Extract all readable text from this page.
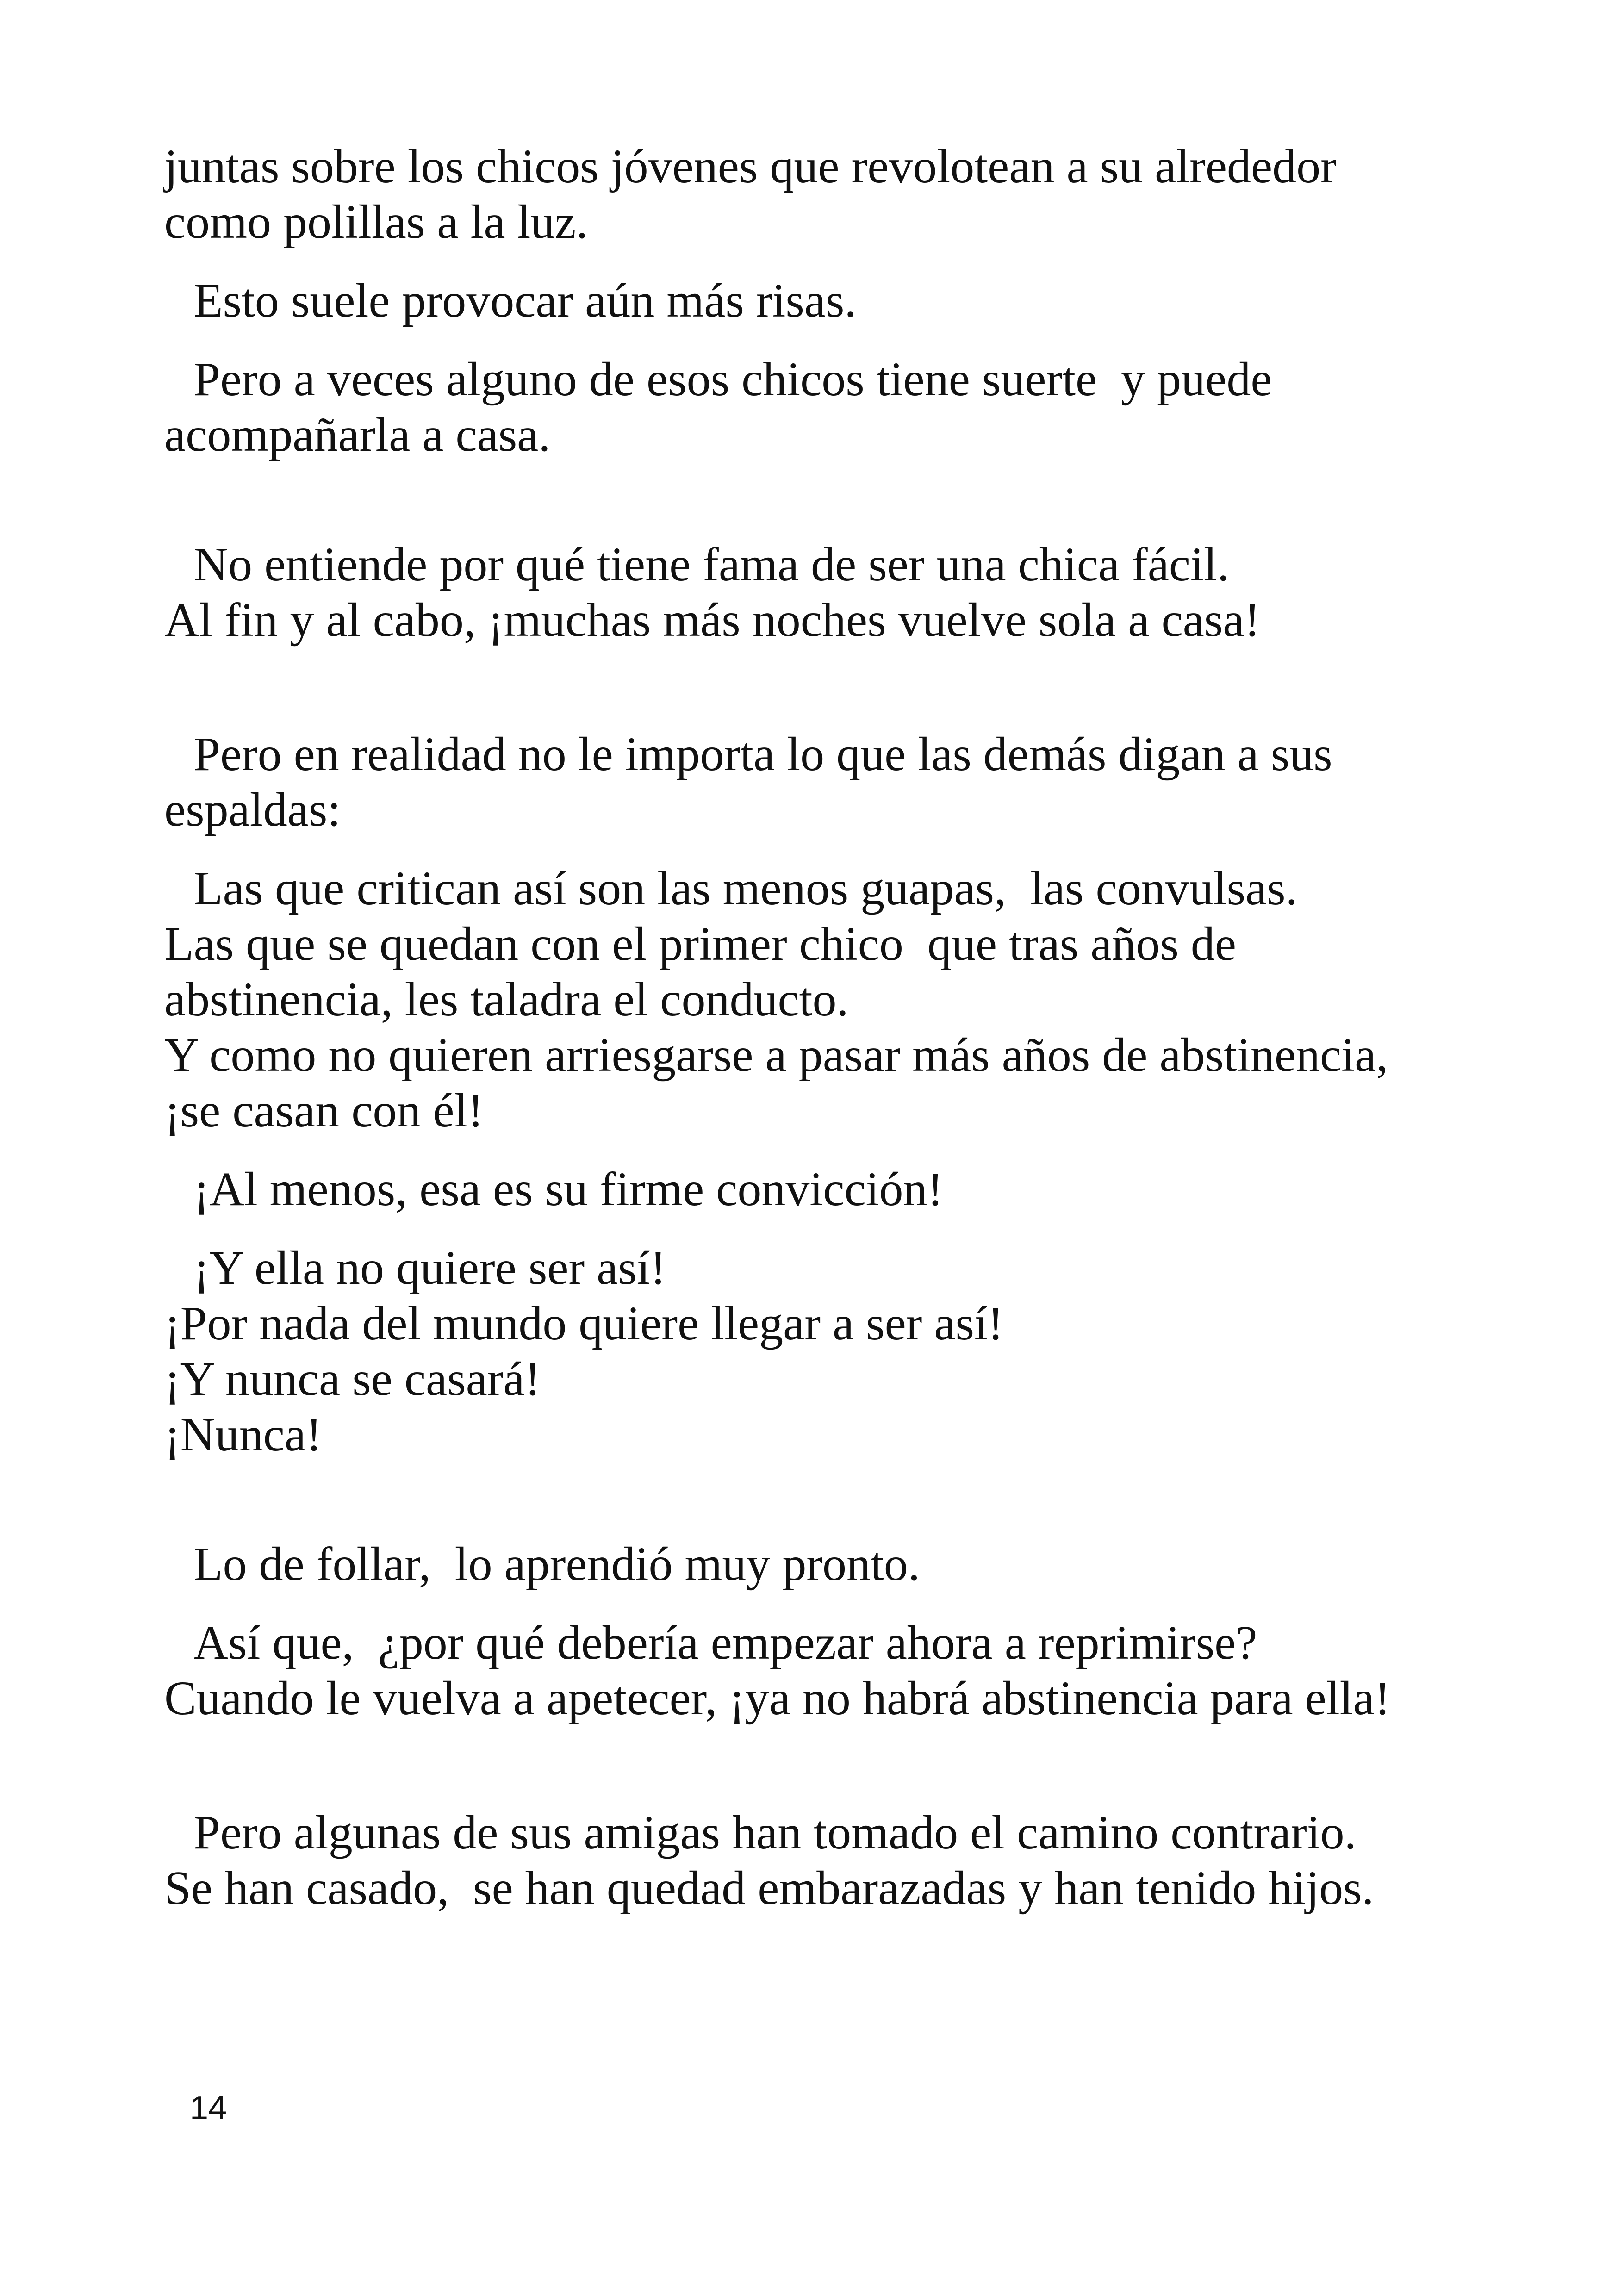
juntas sobre los chicos jóvenes que revolotean a su alrededor

como polillas a la luz.

Esto suele provocar aún más risas.

Pero a veces alguno de esos chicos tiene suerte  y puede

acompañarla a casa.

No entiende por qué tiene fama de ser una chica fácil.

Al fin y al cabo, ¡muchas más noches vuelve sola a casa!

Pero en realidad no le importa lo que las demás digan a sus

espaldas:

Las que critican así son las menos guapas,  las convulsas.

Las que se quedan con el primer chico  que tras años de

abstinencia, les taladra el conducto.

Y como no quieren arriesgarse a pasar más años de abstinencia,

¡se casan con él!

¡Al menos, esa es su firme convicción!

¡Y ella no quiere ser así!

¡Por nada del mundo quiere llegar a ser así!

¡Y nunca se casará!

¡Nunca!

Lo de follar,  lo aprendió muy pronto.

Así que,  ¿por qué debería empezar ahora a reprimirse?

Cuando le vuelva a apetecer, ¡ya no habrá abstinencia para ella!

Pero algunas de sus amigas han tomado el camino contrario.

Se han casado,  se han quedad embarazadas y han tenido hijos.

14
